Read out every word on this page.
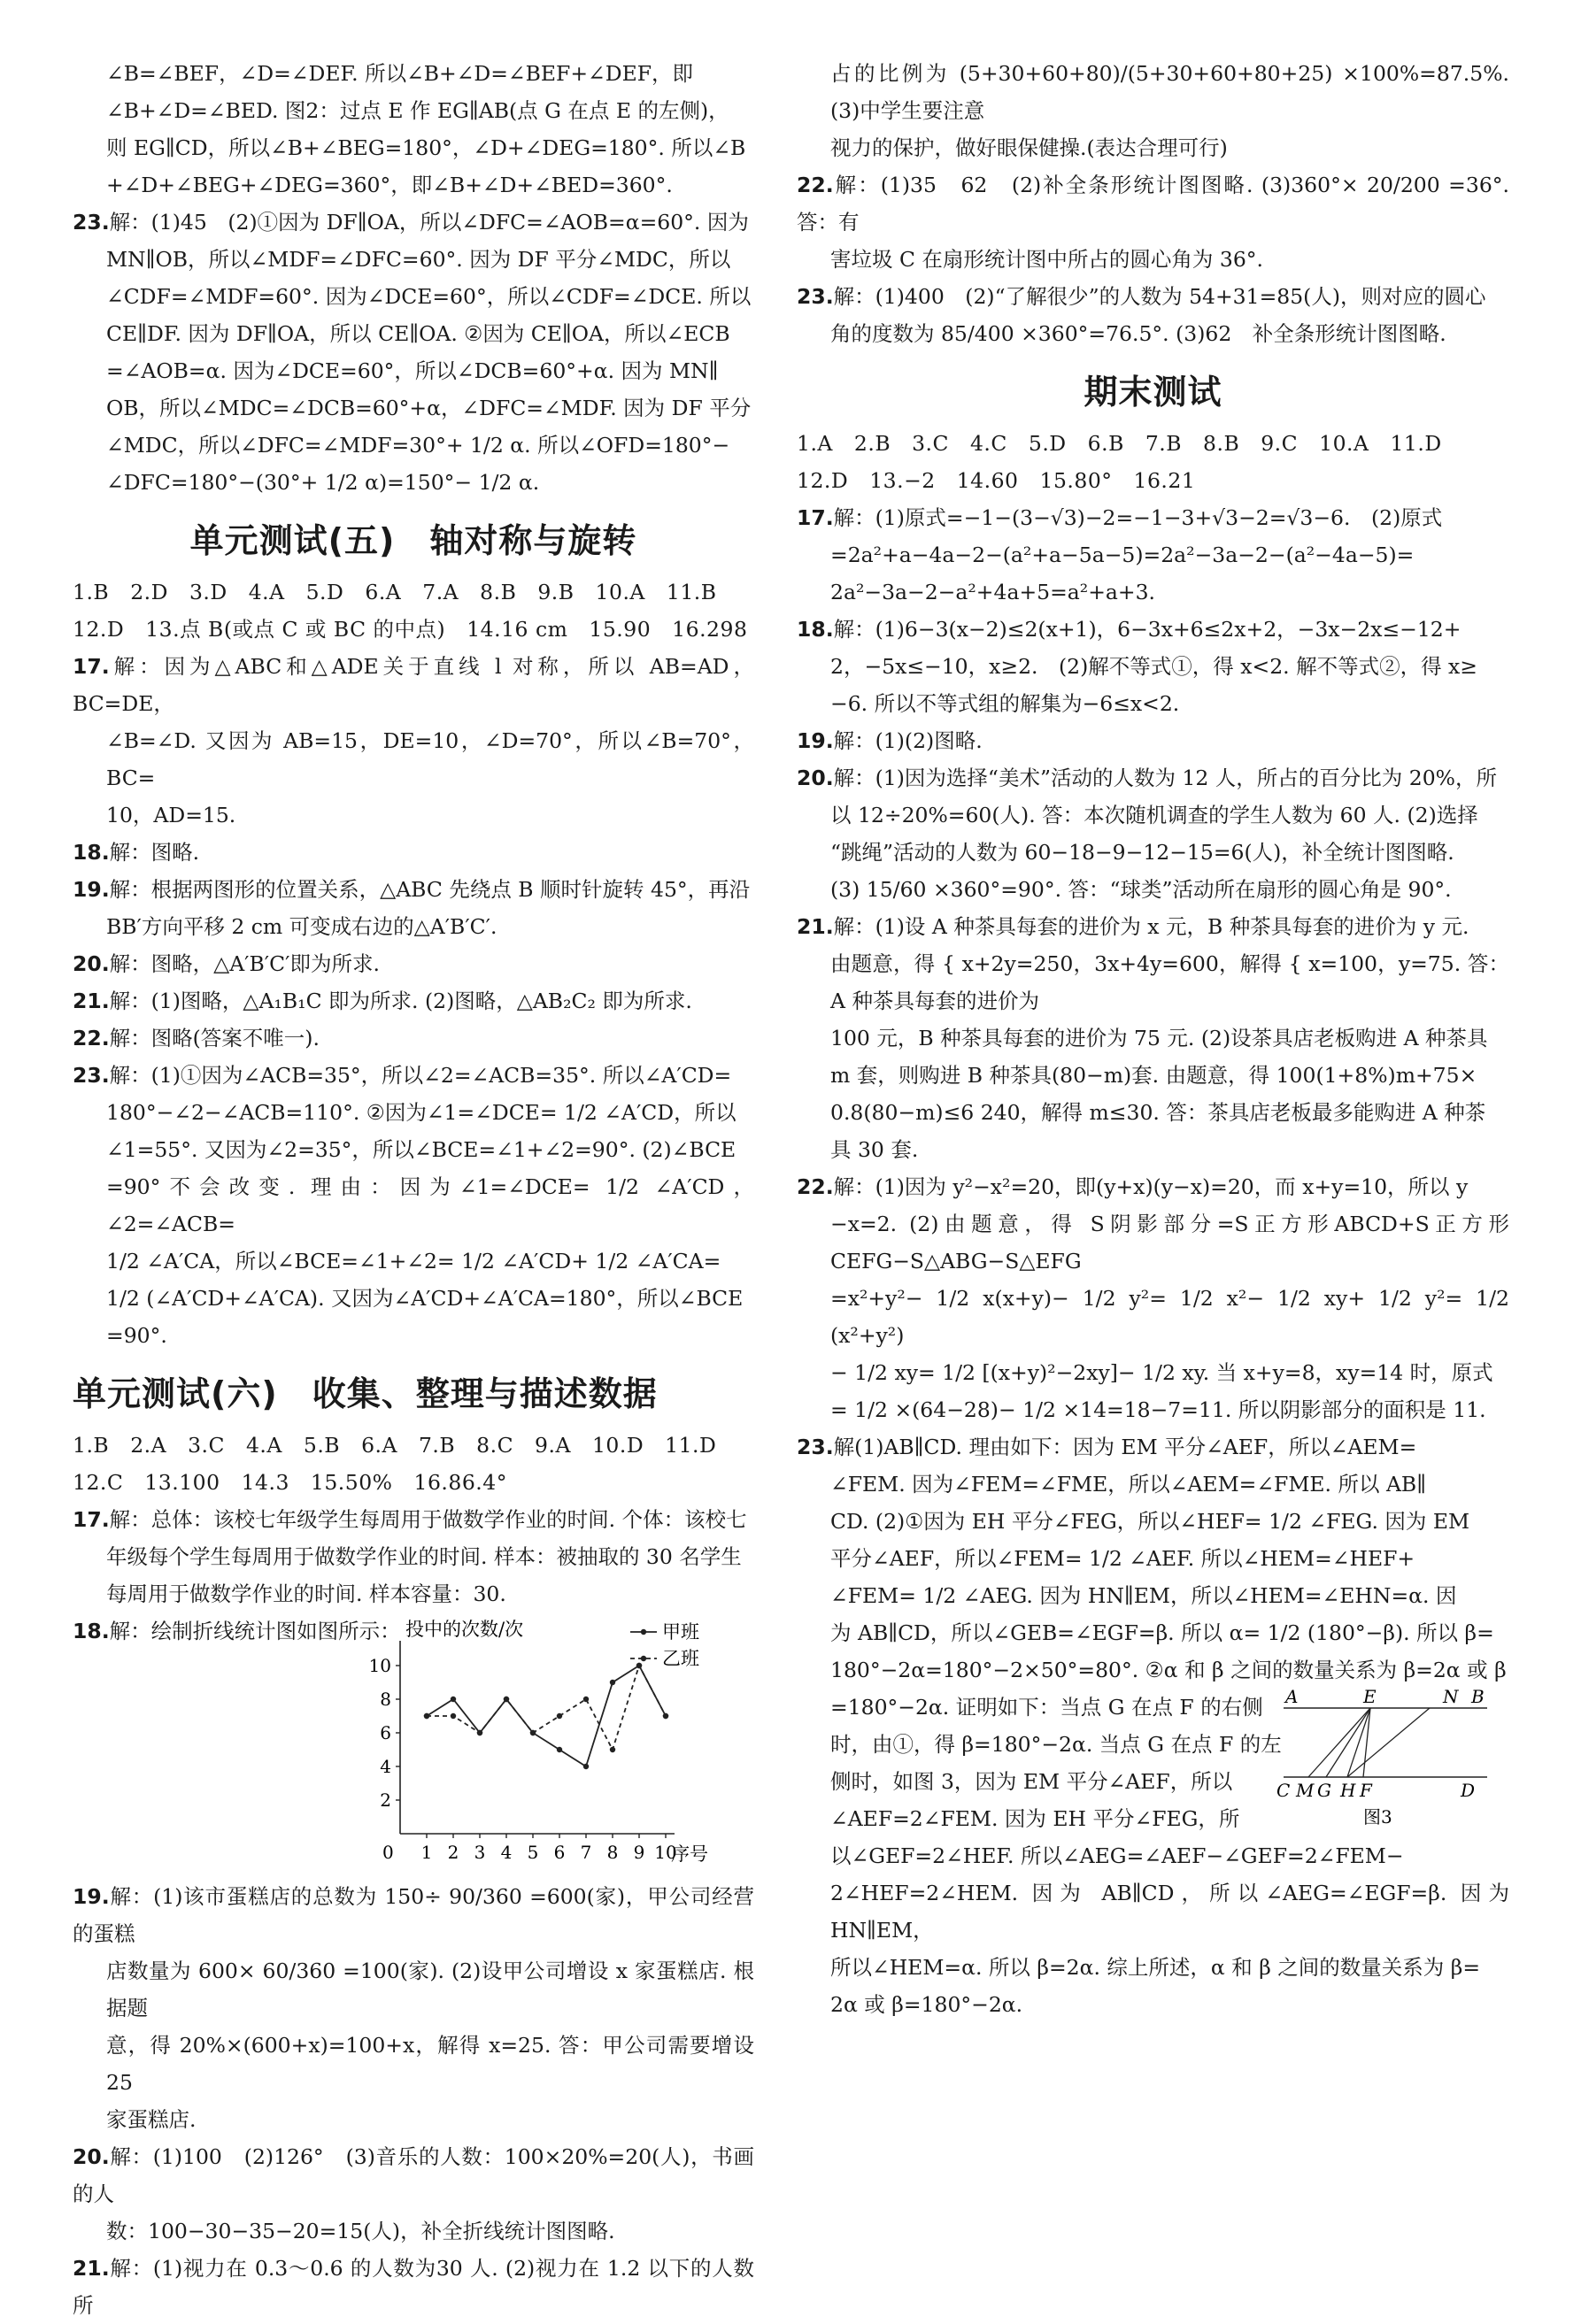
∠B=∠BEF，∠D=∠DEF. 所以∠B+∠D=∠BEF+∠DEF，即

∠B+∠D=∠BED. 图2：过点 E 作 EG∥AB(点 G 在点 E 的左侧)，

则 EG∥CD，所以∠B+∠BEG=180°，∠D+∠DEG=180°. 所以∠B

+∠D+∠BEG+∠DEG=360°，即∠B+∠D+∠BED=360°.

23.解：(1)45　(2)①因为 DF∥OA，所以∠DFC=∠AOB=α=60°. 因为

MN∥OB，所以∠MDF=∠DFC=60°. 因为 DF 平分∠MDC，所以

∠CDF=∠MDF=60°. 因为∠DCE=60°，所以∠CDF=∠DCE. 所以

CE∥DF. 因为 DF∥OA，所以 CE∥OA. ②因为 CE∥OA，所以∠ECB

=∠AOB=α. 因为∠DCE=60°，所以∠DCB=60°+α. 因为 MN∥

OB，所以∠MDC=∠DCB=60°+α，∠DFC=∠MDF. 因为 DF 平分

∠MDC，所以∠DFC=∠MDF=30°+ 1/2 α. 所以∠OFD=180°−

∠DFC=180°−(30°+ 1/2 α)=150°− 1/2 α.

单元测试(五)　轴对称与旋转

1.B　2.D　3.D　4.A　5.D　6.A　7.A　8.B　9.B　10.A　11.B

12.D　13.点 B(或点 C 或 BC 的中点)　14.16 cm　15.90　16.298

17.解：因为△ABC和△ADE关于直线 l 对称，所以 AB=AD，BC=DE，

∠B=∠D. 又因为 AB=15，DE=10，∠D=70°，所以∠B=70°，BC=

10，AD=15.

18.解：图略.

19.解：根据两图形的位置关系，△ABC 先绕点 B 顺时针旋转 45°，再沿

BB′方向平移 2 cm 可变成右边的△A′B′C′.

20.解：图略，△A′B′C′即为所求.

21.解：(1)图略，△A₁B₁C 即为所求. (2)图略，△AB₂C₂ 即为所求.

22.解：图略(答案不唯一).

23.解：(1)①因为∠ACB=35°，所以∠2=∠ACB=35°. 所以∠A′CD=

180°−∠2−∠ACB=110°. ②因为∠1=∠DCE= 1/2 ∠A′CD，所以

∠1=55°. 又因为∠2=35°，所以∠BCE=∠1+∠2=90°. (2)∠BCE

=90°不会改变. 理由：因为∠1=∠DCE= 1/2 ∠A′CD，∠2=∠ACB=

1/2 ∠A′CA，所以∠BCE=∠1+∠2= 1/2 ∠A′CD+ 1/2 ∠A′CA=

1/2 (∠A′CD+∠A′CA). 又因为∠A′CD+∠A′CA=180°，所以∠BCE

=90°.

单元测试(六)　收集、整理与描述数据

1.B　2.A　3.C　4.A　5.B　6.A　7.B　8.C　9.A　10.D　11.D

12.C　13.100　14.3　15.50%　16.86.4°

17.解：总体：该校七年级学生每周用于做数学作业的时间. 个体：该校七

年级每个学生每周用于做数学作业的时间. 样本：被抽取的 30 名学生

每周用于做数学作业的时间. 样本容量：30.

18.解：绘制折线统计图如图所示： 投中的次数/次
序号
0
2
4
6
8
10
1 2 3 4 5 6 7 8 9 10
甲班
乙班

19.解：(1)该市蛋糕店的总数为 150÷ 90/360 =600(家)，甲公司经营的蛋糕

店数量为 600× 60/360 =100(家). (2)设甲公司增设 x 家蛋糕店. 根据题

意，得 20%×(600+x)=100+x，解得 x=25. 答：甲公司需要增设 25

家蛋糕店.

20.解：(1)100　(2)126°　(3)音乐的人数：100×20%=20(人)，书画的人

数：100−30−35−20=15(人)，补全折线统计图图略.

21.解：(1)视力在 0.3～0.6 的人数为30 人. (2)视力在 1.2 以下的人数所

占的比例为 (5+30+60+80)/(5+30+60+80+25) ×100%=87.5%. (3)中学生要注意

视力的保护，做好眼保健操.(表达合理可行)

22.解：(1)35　62　(2)补全条形统计图图略. (3)360°× 20/200 =36°. 答：有

害垃圾 C 在扇形统计图中所占的圆心角为 36°.

23.解：(1)400　(2)“了解很少”的人数为 54+31=85(人)，则对应的圆心

角的度数为 85/400 ×360°=76.5°. (3)62　补全条形统计图图略.

期末测试

1.A　2.B　3.C　4.C　5.D　6.B　7.B　8.B　9.C　10.A　11.D

12.D　13.−2　14.60　15.80°　16.21

17.解：(1)原式=−1−(3−√3)−2=−1−3+√3−2=√3−6.　(2)原式

=2a²+a−4a−2−(a²+a−5a−5)=2a²−3a−2−(a²−4a−5)=

2a²−3a−2−a²+4a+5=a²+a+3.

18.解：(1)6−3(x−2)≤2(x+1)，6−3x+6≤2x+2，−3x−2x≤−12+

2，−5x≤−10，x≥2.　(2)解不等式①，得 x<2. 解不等式②，得 x≥

−6. 所以不等式组的解集为−6≤x<2.

19.解：(1)(2)图略.

20.解：(1)因为选择“美术”活动的人数为 12 人，所占的百分比为 20%，所

以 12÷20%=60(人). 答：本次随机调查的学生人数为 60 人. (2)选择

“跳绳”活动的人数为 60−18−9−12−15=6(人)，补全统计图图略.

(3) 15/60 ×360°=90°. 答：“球类”活动所在扇形的圆心角是 90°.

21.解：(1)设 A 种茶具每套的进价为 x 元，B 种茶具每套的进价为 y 元.

由题意，得 { x+2y=250，3x+4y=600，解得 { x=100，y=75. 答：A 种茶具每套的进价为

100 元，B 种茶具每套的进价为 75 元. (2)设茶具店老板购进 A 种茶具

m 套，则购进 B 种茶具(80−m)套. 由题意，得 100(1+8%)m+75×

0.8(80−m)≤6 240，解得 m≤30. 答：茶具店老板最多能购进 A 种茶

具 30 套.

22.解：(1)因为 y²−x²=20，即(y+x)(y−x)=20，而 x+y=10，所以 y

−x=2. (2)由题意，得 S阴影部分=S正方形ABCD+S正方形CEFG−S△ABG−S△EFG

=x²+y²− 1/2 x(x+y)− 1/2 y²= 1/2 x²− 1/2 xy+ 1/2 y²= 1/2 (x²+y²)

− 1/2 xy= 1/2 [(x+y)²−2xy]− 1/2 xy. 当 x+y=8，xy=14 时，原式

= 1/2 ×(64−28)− 1/2 ×14=18−7=11. 所以阴影部分的面积是 11.

23.解(1)AB∥CD. 理由如下：因为 EM 平分∠AEF，所以∠AEM=

∠FEM. 因为∠FEM=∠FME，所以∠AEM=∠FME. 所以 AB∥

CD. (2)①因为 EH 平分∠FEG，所以∠HEF= 1/2 ∠FEG. 因为 EM

平分∠AEF，所以∠FEM= 1/2 ∠AEF. 所以∠HEM=∠HEF+

∠FEM= 1/2 ∠AEG. 因为 HN∥EM，所以∠HEM=∠EHN=α. 因

为 AB∥CD，所以∠GEB=∠EGF=β. 所以 α= 1/2 (180°−β). 所以 β=

180°−2α=180°−2×50°=80°. ②α 和 β 之间的数量关系为 β=2α 或 β

=180°−2α. 证明如下：当点 G 在点 F 的右侧

时，由①，得 β=180°−2α. 当点 G 在点 F 的左

侧时，如图 3，因为 EM 平分∠AEF，所以

∠AEF=2∠FEM. 因为 EH 平分∠FEG，所

A	E	N B
C M G H F	D
图3

以∠GEF=2∠HEF. 所以∠AEG=∠AEF−∠GEF=2∠FEM−

2∠HEF=2∠HEM. 因为 AB∥CD，所以∠AEG=∠EGF=β. 因为 HN∥EM，

所以∠HEM=α. 所以 β=2α. 综上所述，α 和 β 之间的数量关系为 β=

2α 或 β=180°−2α.
